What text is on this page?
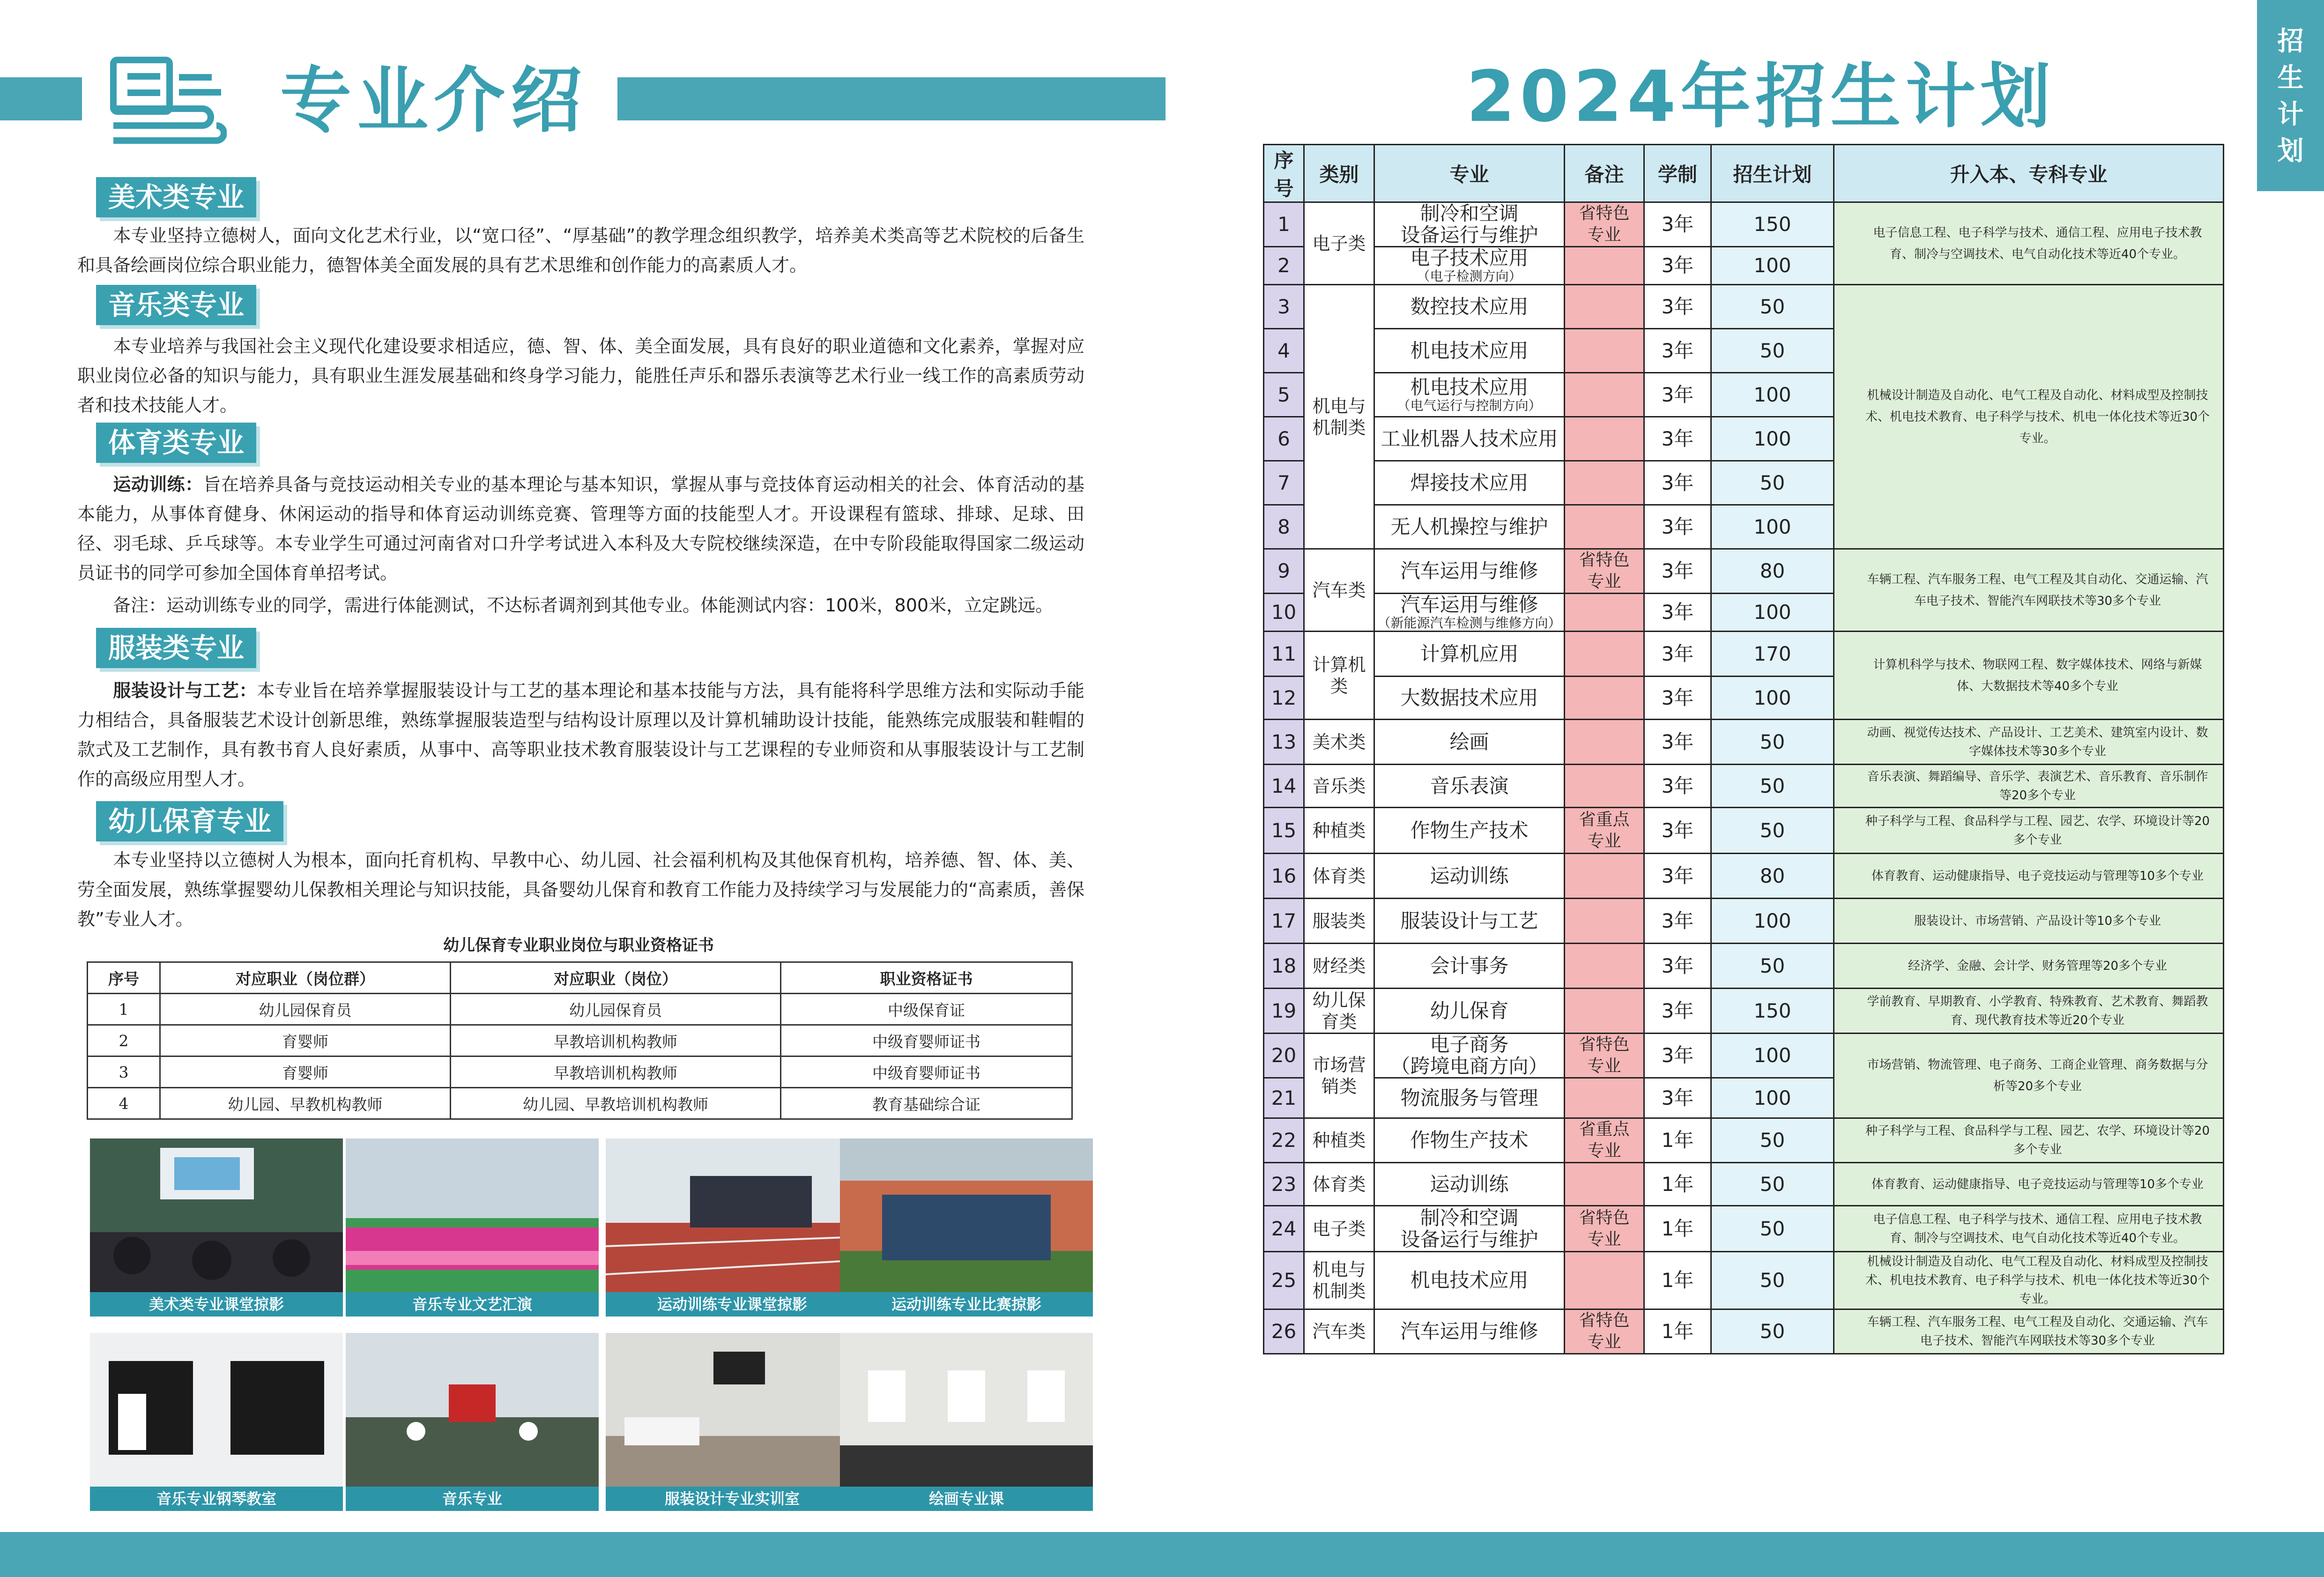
专业介绍	2024年招生计划
招
生
计
划
美术类专业
本专业坚持立德树人，面向文化艺术行业，以“宽口径”、“厚基础”的教学理念组织教学，培养美术类高等艺术院校的后备生和具备绘画岗位综合职业能力，德智体美全面发展的具有艺术思维和创作能力的高素质人才。
音乐类专业
本专业培养与我国社会主义现代化建设要求相适应，德、智、体、美全面发展，具有良好的职业道德和文化素养，掌握对应职业岗位必备的知识与能力，具有职业生涯发展基础和终身学习能力，能胜任声乐和器乐表演等艺术行业一线工作的高素质劳动者和技术技能人才。
体育类专业
运动训练：旨在培养具备与竞技运动相关专业的基本理论与基本知识，掌握从事与竞技体育运动相关的社会、体育活动的基本能力，从事体育健身、休闲运动的指导和体育运动训练竞赛、管理等方面的技能型人才。开设课程有篮球、排球、足球、田径、羽毛球、乒乓球等。本专业学生可通过河南省对口升学考试进入本科及大专院校继续深造，在中专阶段能取得国家二级运动员证书的同学可参加全国体育单招考试。
备注：运动训练专业的同学，需进行体能测试，不达标者调剂到其他专业。体能测试内容：100米，800米，立定跳远。
服装类专业
服装设计与工艺：本专业旨在培养掌握服装设计与工艺的基本理论和基本技能与方法，具有能将科学思维方法和实际动手能力相结合，具备服装艺术设计创新思维，熟练掌握服装造型与结构设计原理以及计算机辅助设计技能，能熟练完成服装和鞋帽的款式及工艺制作，具有教书育人良好素质，从事中、高等职业技术教育服装设计与工艺课程的专业师资和从事服装设计与工艺制作的高级应用型人才。
幼儿保育专业
本专业坚持以立德树人为根本，面向托育机构、早教中心、幼儿园、社会福利机构及其他保育机构，培养德、智、体、美、劳全面发展，熟练掌握婴幼儿保教相关理论与知识技能，具备婴幼儿保育和教育工作能力及持续学习与发展能力的“高素质，善保教”专业人才。
幼儿保育专业职业岗位与职业资格证书
序号	对应职业（岗位群）	对应职业（岗位）	职业资格证书
1	幼儿园保育员	幼儿园保育员	中级保育证
2	育婴师	早教培训机构教师	中级育婴师证书
3	育婴师	早教培训机构教师	中级育婴师证书
4	幼儿园、早教机构教师	幼儿园、早教培训机构教师	教育基础综合证
美术类专业课堂掠影	音乐专业文艺汇演	运动训练专业课堂掠影	运动训练专业比赛掠影
音乐专业钢琴教室	音乐专业	服装设计专业实训室	绘画专业课
序号	类别	专业	备注	学制	招生计划	升入本、专科专业
1	电子类	制冷和空调
设备运行与维护	省特色
专业	3年	150	电子信息工程、电子科学与技术、通信工程、应用电子技术教育、制冷与空调技术、电气自动化技术等近40个专业。
2		电子技术应用
（电子检测方向）		3年	100	
3	机电与
机制类	数控技术应用		3年	50	机械设计制造及自动化、电气工程及自动化、材料成型及控制技术、机电技术教育、电子科学与技术、机电一体化技术等近30个专业。
4		机电技术应用		3年	50	
5		机电技术应用
（电气运行与控制方向）		3年	100	
6		工业机器人技术应用		3年	100	
7		焊接技术应用		3年	50	
8		无人机操控与维护		3年	100	
9	汽车类	汽车运用与维修	省特色
专业	3年	80	车辆工程、汽车服务工程、电气工程及其自动化、交通运输、汽车电子技术、智能汽车网联技术等30多个专业
10		汽车运用与维修
（新能源汽车检测与维修方向）		3年	100	
11	计算机类	计算机应用		3年	170	计算机科学与技术、物联网工程、数字媒体技术、网络与新媒体、大数据技术等40多个专业
12		大数据技术应用		3年	100	
13	美术类	绘画		3年	50	动画、视觉传达技术、产品设计、工艺美术、建筑室内设计、数字媒体技术等30多个专业
14	音乐类	音乐表演		3年	50	音乐表演、舞蹈编导、音乐学、表演艺术、音乐教育、音乐制作等20多个专业
15	种植类	作物生产技术	省重点
专业	3年	50	种子科学与工程、食品科学与工程、园艺、农学、环境设计等20多个专业
16	体育类	运动训练		3年	80	体育教育、运动健康指导、电子竞技运动与管理等10多个专业
17	服装类	服装设计与工艺		3年	100	服装设计、市场营销、产品设计等10多个专业
18	财经类	会计事务		3年	50	经济学、金融、会计学、财务管理等20多个专业
19	幼儿保
育类	幼儿保育		3年	150	学前教育、早期教育、小学教育、特殊教育、艺术教育、舞蹈教育、现代教育技术等近20个专业
20	市场营
销类	电子商务
（跨境电商方向）	省特色
专业	3年	100	市场营销、物流管理、电子商务、工商企业管理、商务数据与分析等20多个专业
21		物流服务与管理		3年	100	
22	种植类	作物生产技术	省重点
专业	1年	50	种子科学与工程、食品科学与工程、园艺、农学、环境设计等20多个专业
23	体育类	运动训练		1年	50	体育教育、运动健康指导、电子竞技运动与管理等10多个专业
24	电子类	制冷和空调
设备运行与维护	省特色
专业	1年	50	电子信息工程、电子科学与技术、通信工程、应用电子技术教育、制冷与空调技术、电气自动化技术等近40个专业。
25	机电与
机制类	机电技术应用		1年	50	机械设计制造及自动化、电气工程及自动化、材料成型及控制技术、机电技术教育、电子科学与技术、机电一体化技术等近30个专业。
26	汽车类	汽车运用与维修	省特色
专业	1年	50	车辆工程、汽车服务工程、电气工程及自动化、交通运输、汽车电子技术、智能汽车网联技术等30多个专业
